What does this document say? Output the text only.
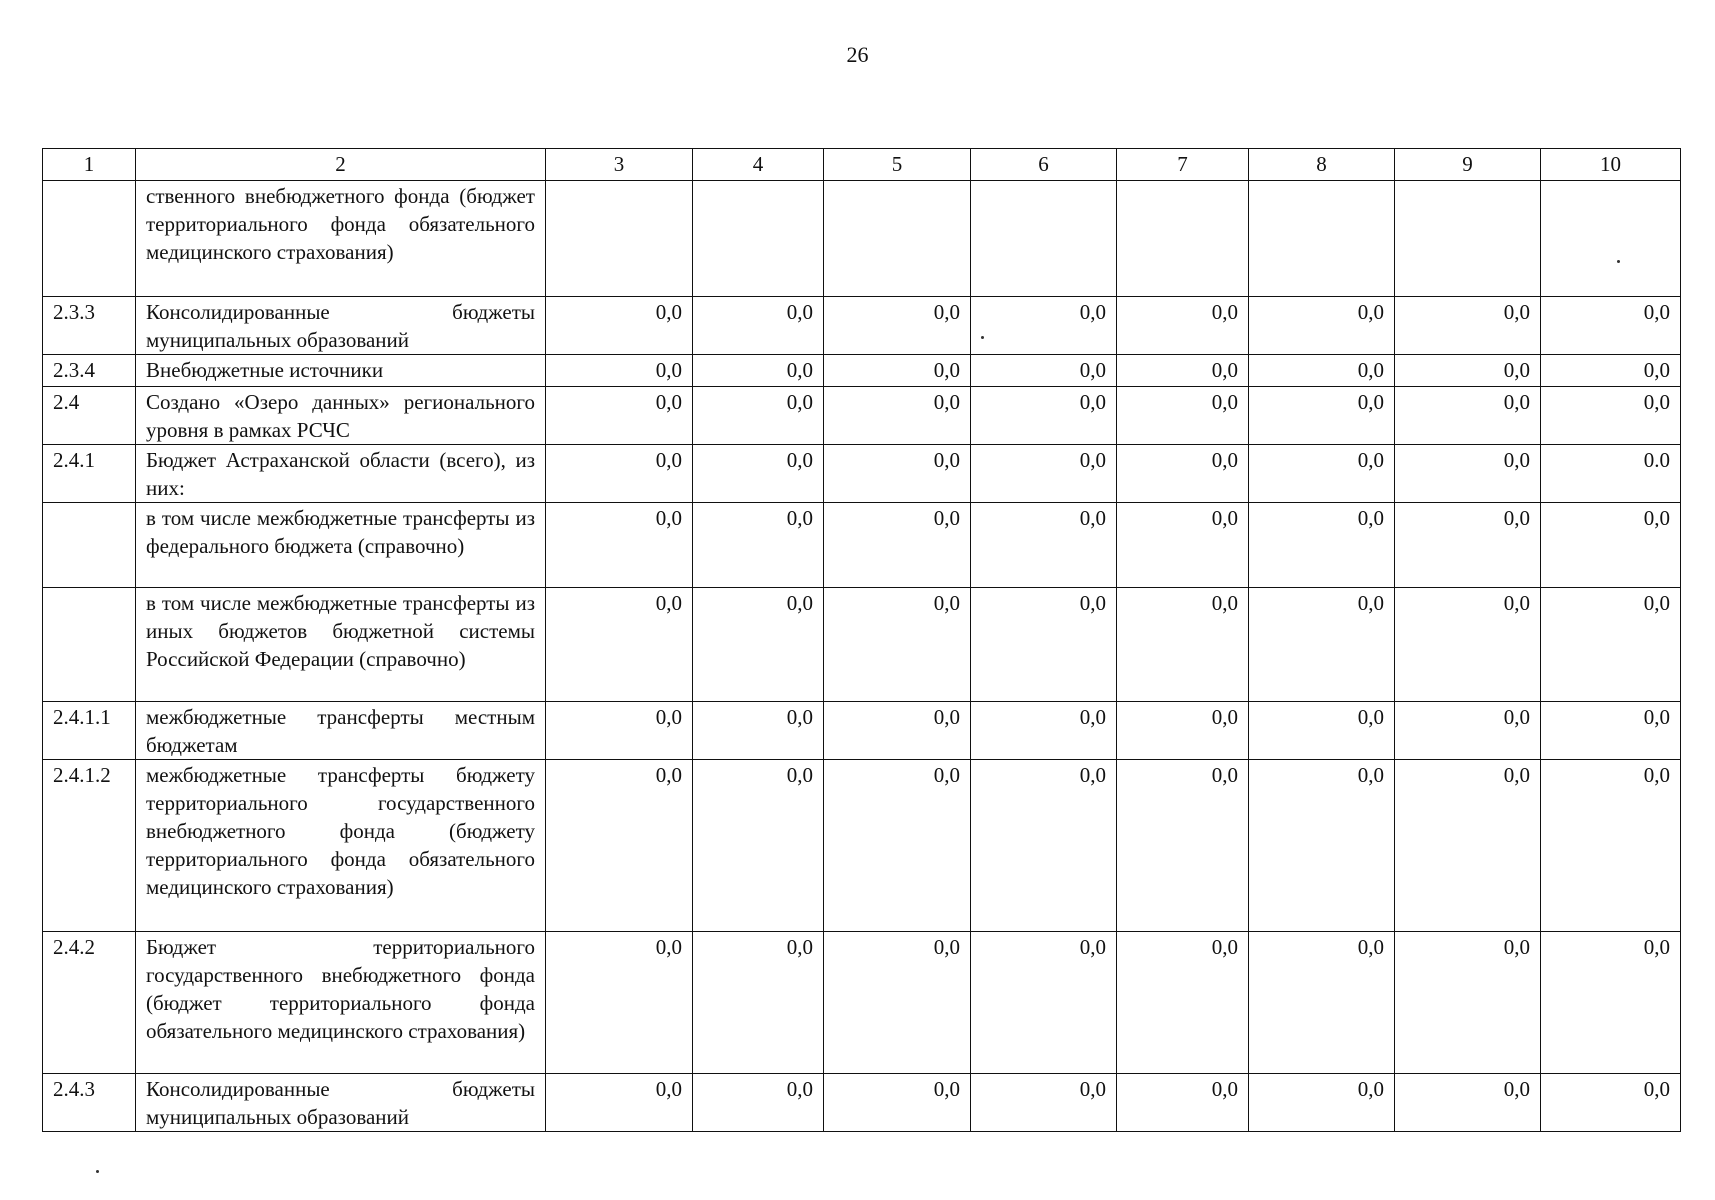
26
1	2	3	4	5	6	7	8	9	10
	ственного внебюджетного фонда (бюджет территориального фонда обязательного медицинского страхования)								
2.3.3	Консолидированные бюджеты муниципальных образований	0,0	0,0	0,0	0,0	0,0	0,0	0,0	0,0
2.3.4	Внебюджетные источники	0,0	0,0	0,0	0,0	0,0	0,0	0,0	0,0
2.4	Создано «Озеро данных» регионального уровня в рамках РСЧС	0,0	0,0	0,0	0,0	0,0	0,0	0,0	0,0
2.4.1	Бюджет Астраханской области (всего), из них:	0,0	0,0	0,0	0,0	0,0	0,0	0,0	0.0
	в том числе межбюджетные трансферты из федерального бюджета (справочно)	0,0	0,0	0,0	0,0	0,0	0,0	0,0	0,0
	в том числе межбюджетные трансферты из иных бюджетов бюджетной системы Российской Федерации (справочно)	0,0	0,0	0,0	0,0	0,0	0,0	0,0	0,0
2.4.1.1	межбюджетные трансферты местным бюджетам	0,0	0,0	0,0	0,0	0,0	0,0	0,0	0,0
2.4.1.2	межбюджетные трансферты бюджету территориального государственного внебюджетного фонда (бюджету территориального фонда обязательного медицинского страхования)	0,0	0,0	0,0	0,0	0,0	0,0	0,0	0,0
2.4.2	Бюджет территориального государственного внебюджетного фонда (бюджет территориального фонда обязательного медицинского страхования)	0,0	0,0	0,0	0,0	0,0	0,0	0,0	0,0
2.4.3	Консолидированные бюджеты муниципальных образований	0,0	0,0	0,0	0,0	0,0	0,0	0,0	0,0
